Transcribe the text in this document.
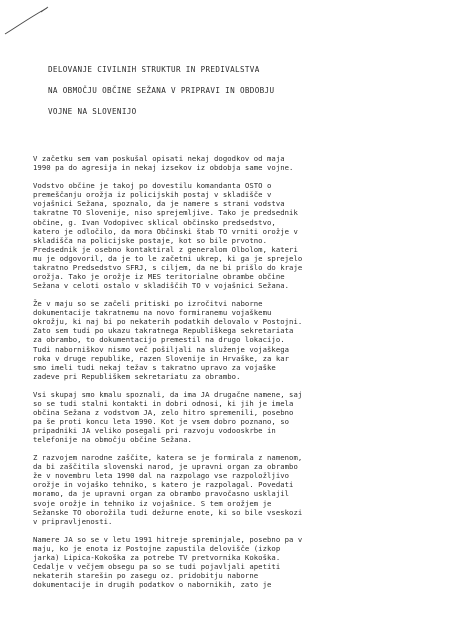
DELOVANJE CIVILNIH STRUKTUR IN PREDIVALSTVA

NA OBMOČJU OBČINE SEŽANA V PRIPRAVI IN OBDOBJU

VOJNE NA SLOVENIJO

V začetku sem vam poskušal opisati nekaj dogodkov od maja
1990 pa do agresija in nekaj izsekov iz obdobja same vojne.

Vodstvo občine je takoj po dovestilu komandanta OSTO o
premeščanju orožja iz policijskih postaj v skladišče v
vojašnici Sežana, spoznalo, da je namere s strani vodstva
takratne TO Slovenije, niso sprejemljive. Tako je predsednik
občine, g. Ivan Vodopivec sklical občinsko predsedstvo,
katero je odločilo, da mora Občinski štab TO vrniti orožje v
skladišča na policijske postaje, kot so bile prvotno.
Predsednik je osebno kontaktiral z generalom Olbolom, kateri
mu je odgovoril, da je to le začetni ukrep, ki ga je sprejelo
takratno Predsedstvo SFRJ, s ciljem, da ne bi prišlo do kraje
orožja. Tako je orožje iz MES teritorialne obrambe občine
Sežana v celoti ostalo v skladiščih TO v vojašnici Sežana.

Že v maju so se začeli pritiski po izročitvi naborne
dokumentacije takratnemu na novo formiranemu vojaškemu
okrožju, ki naj bi po nekaterih podatkih delovalo v Postojni.
Zato sem tudi po ukazu takratnega Republiškega sekretariata
za obrambo, to dokumentacijo premestil na drugo lokacijo.
Tudi naborniškov nismo več pošiljali na služenje vojaškega
roka v druge republike, razen Slovenije in Hrvaške, za kar
smo imeli tudi nekaj težav s takratno upravo za vojaške
zadeve pri Republiškem sekretariatu za obrambo.

Vsi skupaj smo kmalu spoznali, da ima JA drugačne namene, saj
so se tudi stalni kontakti in dobri odnosi, ki jih je imela
občina Sežana z vodstvom JA, zelo hitro spremenili, posebno
pa še proti koncu leta 1990. Kot je vsem dobro poznano, so
pripadniki JA veliko posegali pri razvoju vodooskrbe in
telefonije na območju občine Sežana.

Z razvojem narodne zaščite, katera se je formirala z namenom,
da bi zaščitila slovenski narod, je upravni organ za obrambo
že v novembru leta 1990 dal na razpolago vse razpoložljivo
orožje in vojaško tehniko, s katero je razpolagal. Povedati
moramo, da je upravni organ za obrambo pravočasno usklajil
svoje orožje in tehniko iz vojašnice. S tem orožjem je
Sežanske TO oborožila tudi dežurne enote, ki so bile vseskozi
v pripravljenosti.

Namere JA so se v letu 1991 hitreje spreminjale, posebno pa v
maju, ko je enota iz Postojne zapustila delovišče (izkop
jarka) Lipica-Kokoška za potrebe TV pretvornika Kokoška.
Cedalje v večjem obsegu pa so se tudi pojavljali apetiti
nekaterih starešin po zasegu oz. pridobitju naborne
dokumentacije in drugih podatkov o nabornikih, zato je
